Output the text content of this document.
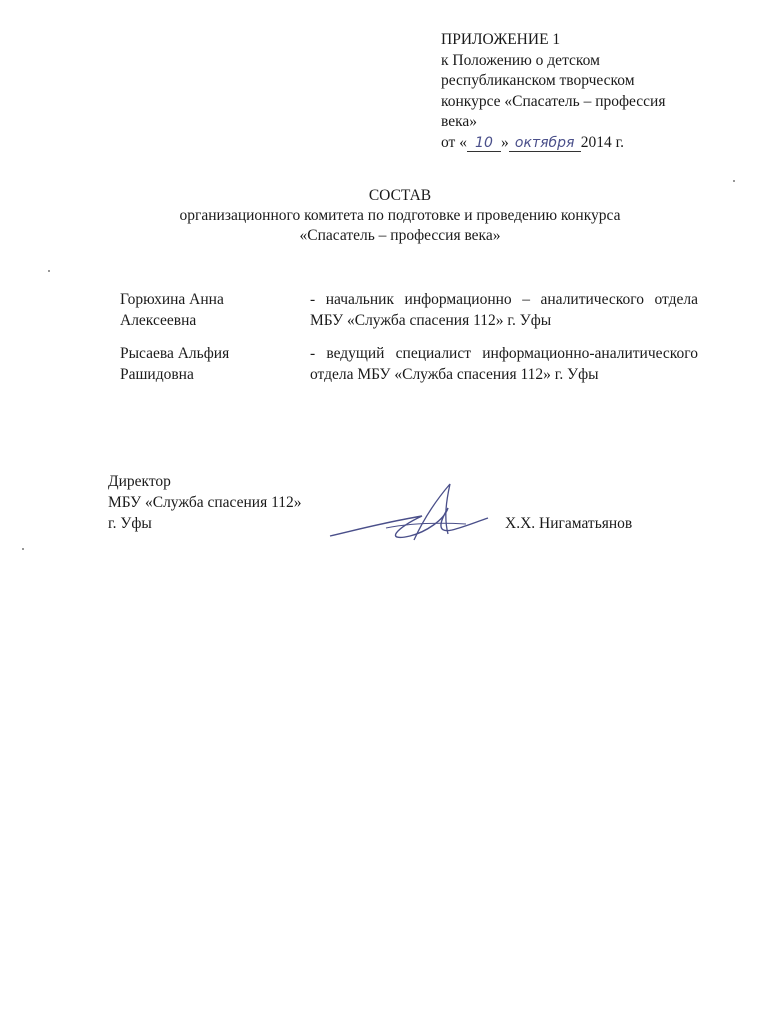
ПРИЛОЖЕНИЕ 1
к Положению о детском
республиканском творческом
конкурсе «Спасатель – профессия
века»
от « 10 » октября 2014 г.
СОСТАВ
организационного комитета по подготовке и проведению конкурса
«Спасатель – профессия века»
Горюхина Анна
Алексеевна
- начальник информационно – аналитического отдела МБУ «Служба спасения 112» г. Уфы
Рысаева Альфия
Рашидовна
- ведущий специалист информационно-аналитического отдела МБУ «Служба спасения 112» г. Уфы
Директор
МБУ «Служба спасения 112»
г. Уфы	Х.Х. Нигаматьянов
